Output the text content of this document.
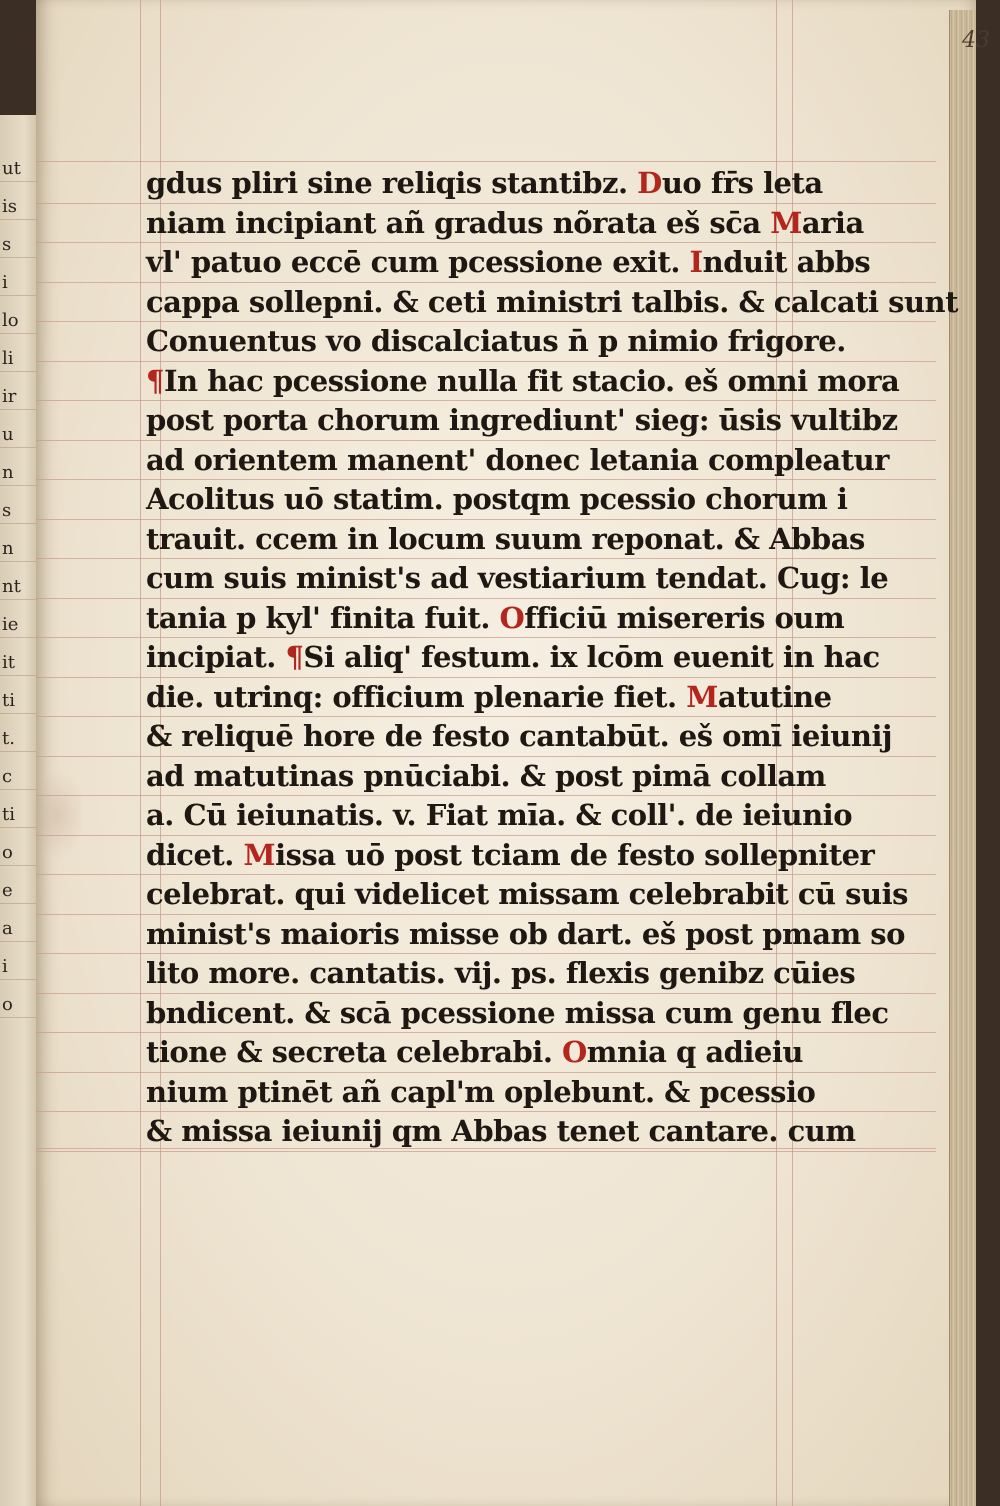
ut
is
s
i
lo
li
ir
u
n
s
n
nt
ie
it
ti
t.
c
ti
o
e
a
i
o
43
gdus pliri sine reliqis stantibz. Duo fr̄s leta
niam incipiant añ gradus nõrata eš sc̄a Maria
vl' patuo eccē cum pcessione exit. Induit abbs
cappa sollepni. & ceti ministri talbis. & calcati sunt
Conuentus vo discalciatus n̄ p nimio frigore.
¶In hac pcessione nulla fit stacio. eš omni mora
post porta chorum ingrediunt' sieg: ūsis vultibz
ad orientem manent' donec letania compleatur
Acolitus uō statim. postqm pcessio chorum i
trauit. ccem in locum suum reponat. & Abbas
cum suis minist's ad vestiarium tendat. Cug: le
tania p kyl' finita fuit. Officiū misereris oum
incipiat. ¶Si aliq' festum. ix lcōm euenit in hac
die. utrinq: officium plenarie fiet. Matutine
& reliquē hore de festo cantabūt. eš omī ieiunij
ad matutinas pnūciabi. & post pimā collam
a. Cū ieiunatis. v. Fiat mīa. & coll'. de ieiunio
dicet. Missa uō post tciam de festo sollepniter
celebrat. qui videlicet missam celebrabit cū suis
minist's maioris misse ob dart. eš post pmam so
lito more. cantatis. vij. ps. flexis genibz cūies
bndicent. & scā pcessione missa cum genu flec
tione & secreta celebrabi. Omnia q adieiu
nium ptinēt añ capl'm oplebunt. & pcessio
& missa ieiunij qm Abbas tenet cantare. cum
